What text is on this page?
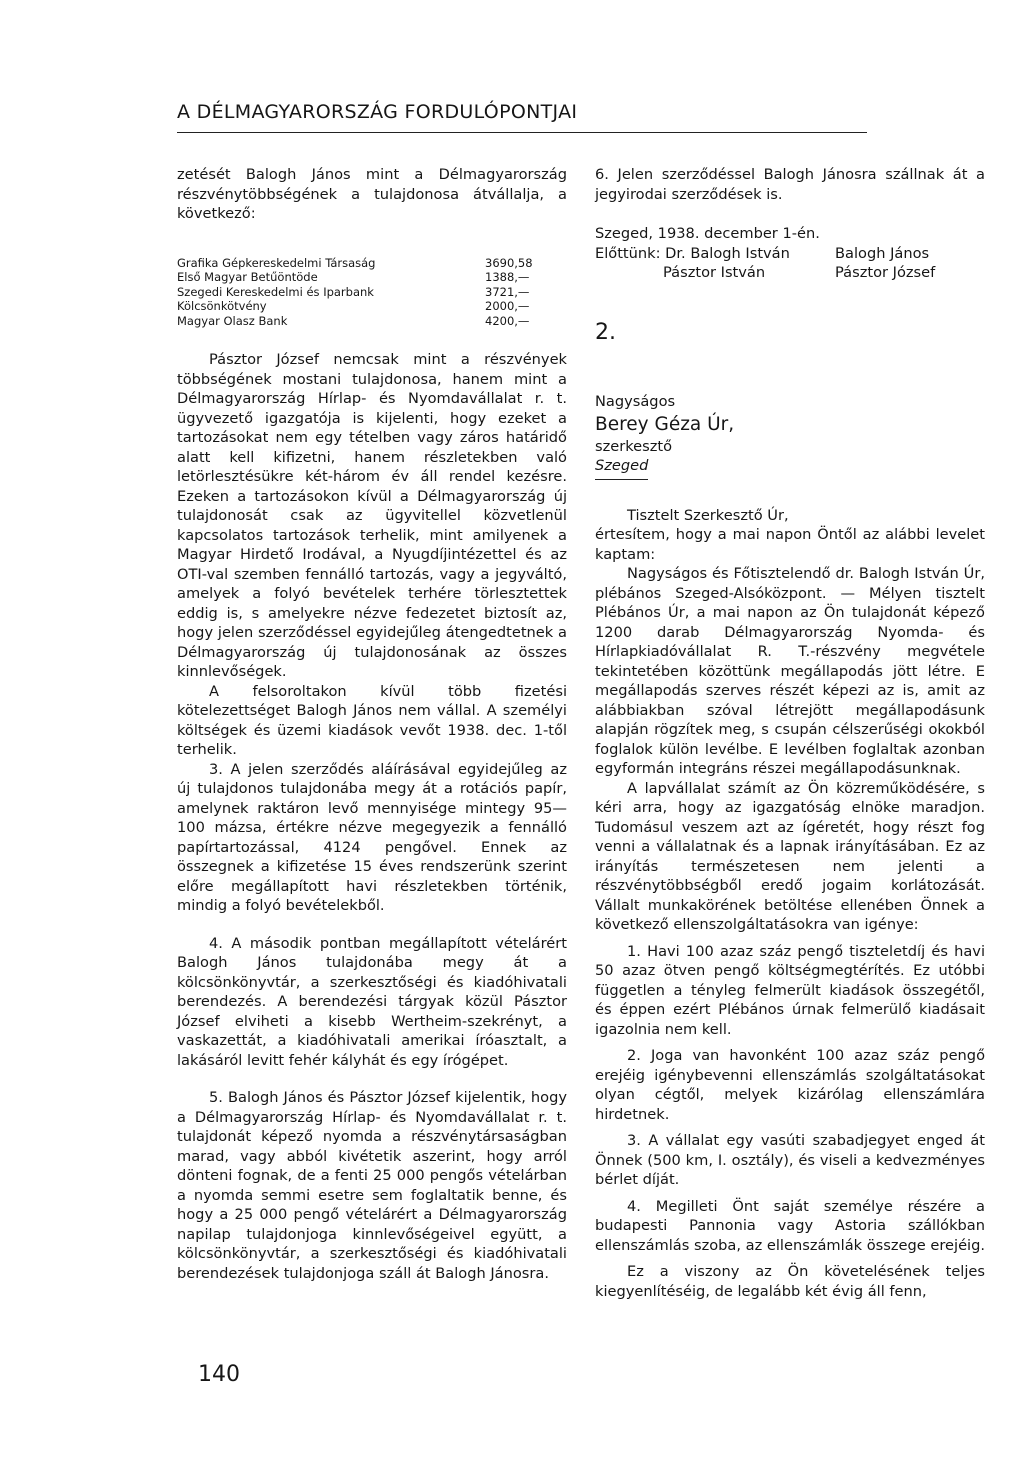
A DÉLMAGYARORSZÁG FORDULÓPONTJAI

zetését Balogh János mint a Délmagyarország részvénytöbbségének a tulajdonosa átvállalja, a következő:

Grafika Gépkereskedelmi Társaság	3690,58
Első Magyar Betűöntöde	1388,—
Szegedi Kereskedelmi és Iparbank	3721,—
Kölcsönkötvény	2000,—
Magyar Olasz Bank	4200,—

Pásztor József nemcsak mint a részvények többségének mostani tulajdonosa, hanem mint a Délmagyarország Hírlap- és Nyomdavállalat r. t. ügyvezető igazgatója is kijelenti, hogy ezeket a tartozásokat nem egy tételben vagy záros határidő alatt kell kifizetni, hanem részletekben való letörlesztésükre két-három év áll rendel kezésre. Ezeken a tartozásokon kívül a Délmagyarország új tulajdonosát csak az ügyvitellel közvetlenül kapcsolatos tartozások terhelik, mint amilyenek a Magyar Hirdető Irodával, a Nyugdíjintézettel és az OTI-val szemben fennálló tartozás, vagy a jegyváltó, amelyek a folyó bevételek terhére törlesztettek eddig is, s amelyekre nézve fedezetet biztosít az, hogy jelen szerződéssel egyidejűleg átengedtetnek a Délmagyarország új tulajdonosának az összes kinnlevőségek.

A felsoroltakon kívül több fizetési kötelezettséget Balogh János nem vállal. A személyi költségek és üzemi kiadások vevőt 1938. dec. 1-től terhelik.

3. A jelen szerződés aláírásával egyidejűleg az új tulajdonos tulajdonába megy át a rotációs papír, amelynek raktáron levő mennyisége mintegy 95—100 mázsa, értékre nézve megegyezik a fennálló papírtartozással, 4124 pengővel. Ennek az összegnek a kifizetése 15 éves rendszerünk szerint előre megállapított havi részletekben történik, mindig a folyó bevételekből.

4. A második pontban megállapított vételárért Balogh János tulajdonába megy át a kölcsönkönyvtár, a szerkesztőségi és kiadóhivatali berendezés. A berendezési tárgyak közül Pásztor József elviheti a kisebb Wertheim-szekrényt, a vaskazettát, a kiadóhivatali amerikai íróasztalt, a lakásáról levitt fehér kályhát és egy írógépet.

5. Balogh János és Pásztor József kijelentik, hogy a Délmagyarország Hírlap- és Nyomdavállalat r. t. tulajdonát képező nyomda a részvénytársaságban marad, vagy abból kivétetik aszerint, hogy arról dönteni fognak, de a fenti 25 000 pengős vételárban a nyomda semmi esetre sem foglaltatik benne, és hogy a 25 000 pengő vételárért a Délmagyarország napilap tulajdonjoga kinnlevőségeivel együtt, a kölcsönkönyvtár, a szerkesztőségi és kiadóhivatali berendezések tulajdonjoga száll át Balogh Jánosra.

6. Jelen szerződéssel Balogh Jánosra szállnak át a jegyirodai szerződések is.

Szeged, 1938. december 1-én.

Előttünk: Dr. Balogh István	Balogh János
Pásztor István	Pásztor József

2.

Nagyságos

Berey Géza Úr,

szerkesztő

Szeged

Tisztelt Szerkesztő Úr,

értesítem, hogy a mai napon Öntől az alábbi levelet kaptam:

Nagyságos és Főtisztelendő dr. Balogh István Úr, plébános Szeged-Alsóközpont. — Mélyen tisztelt Plébános Úr, a mai napon az Ön tulajdonát képező 1200 darab Délmagyarország Nyomda- és Hírlapkiadóvállalat R. T.-részvény megvétele tekintetében közöttünk megállapodás jött létre. E megállapodás szerves részét képezi az is, amit az alábbiakban szóval létrejött megállapodásunk alapján rögzítek meg, s csupán célszerűségi okokból foglalok külön levélbe. E levélben foglaltak azonban egyformán integráns részei megállapodásunknak.

A lapvállalat számít az Ön közreműködésére, s kéri arra, hogy az igazgatóság elnöke maradjon. Tudomásul veszem azt az ígéretét, hogy részt fog venni a vállalatnak és a lapnak irányításában. Ez az irányítás természetesen nem jelenti a részvénytöbbségből eredő jogaim korlátozását. Vállalt munkakörének betöltése ellenében Önnek a következő ellenszolgáltatásokra van igénye:

1. Havi 100 azaz száz pengő tiszteletdíj és havi 50 azaz ötven pengő költségmegtérítés. Ez utóbbi független a tényleg felmerült kiadások összegétől, és éppen ezért Plébános úrnak felmerülő kiadásait igazolnia nem kell.

2. Joga van havonként 100 azaz száz pengő erejéig igénybevenni ellenszámlás szolgáltatásokat olyan cégtől, melyek kizárólag ellenszámlára hirdetnek.

3. A vállalat egy vasúti szabadjegyet enged át Önnek (500 km, I. osztály), és viseli a kedvezményes bérlet díját.

4. Megilleti Önt saját személye részére a budapesti Pannonia vagy Astoria szállókban ellenszámlás szoba, az ellenszámlák összege erejéig.

Ez a viszony az Ön követelésének teljes kiegyenlítéséig, de legalább két évig áll fenn,

140
